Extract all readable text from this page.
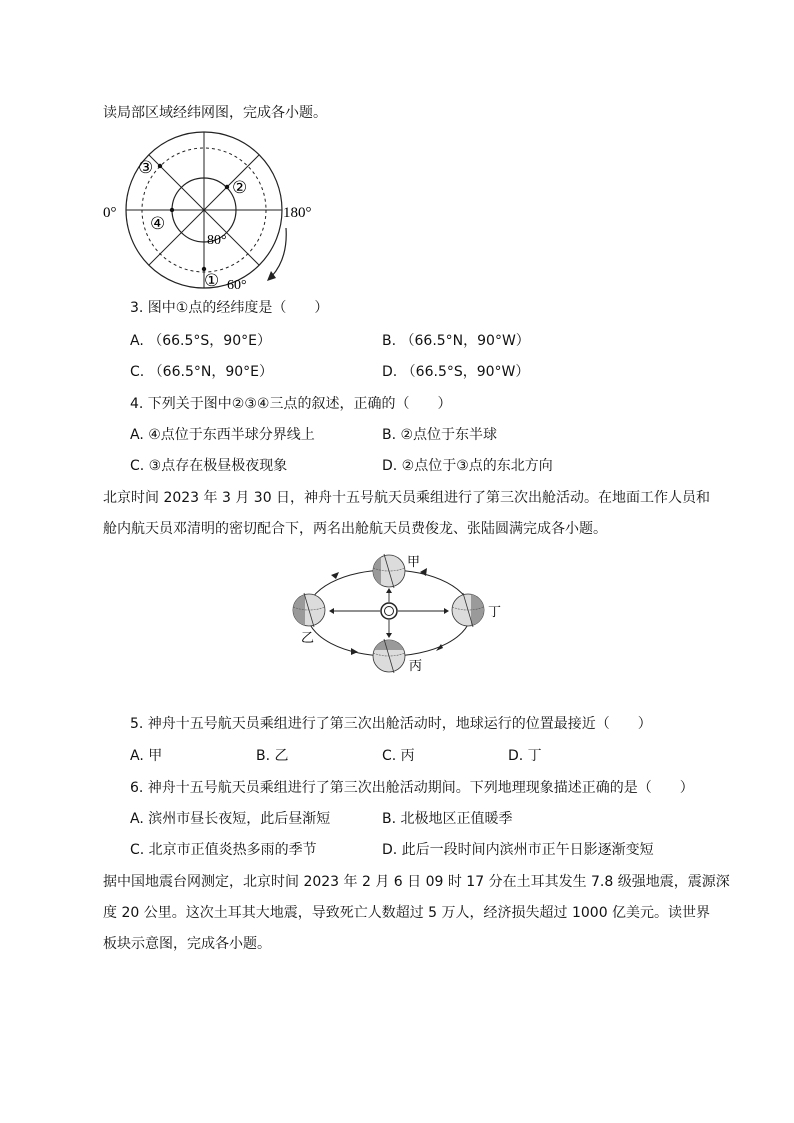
读局部区域经纬网图，完成各小题。
③
②
④
①
0°	180°
80°
60°
3. 图中①点的经纬度是（　　）
A. （66.5°S，90°E）	B. （66.5°N，90°W）
C. （66.5°N，90°E）	D. （66.5°S，90°W）
4. 下列关于图中②③④三点的叙述，正确的（　　）
A. ④点位于东西半球分界线上	B. ②点位于东半球
C. ③点存在极昼极夜现象	D. ②点位于③点的东北方向
北京时间 2023 年 3 月 30 日，神舟十五号航天员乘组进行了第三次出舱活动。在地面工作人员和
舱内航天员邓清明的密切配合下，两名出舱航天员费俊龙、张陆圆满完成各小题。
甲
乙
丙
丁
5. 神舟十五号航天员乘组进行了第三次出舱活动时，地球运行的位置最接近（　　）
A. 甲	B. 乙	C. 丙	D. 丁
6. 神舟十五号航天员乘组进行了第三次出舱活动期间。下列地理现象描述正确的是（　　）
A. 滨州市昼长夜短，此后昼渐短	B. 北极地区正值暖季
C. 北京市正值炎热多雨的季节	D. 此后一段时间内滨州市正午日影逐渐变短
据中国地震台网测定，北京时间 2023 年 2 月 6 日 09 时 17 分在土耳其发生 7.8 级强地震，震源深
度 20 公里。这次土耳其大地震，导致死亡人数超过 5 万人，经济损失超过 1000 亿美元。读世界
板块示意图，完成各小题。
